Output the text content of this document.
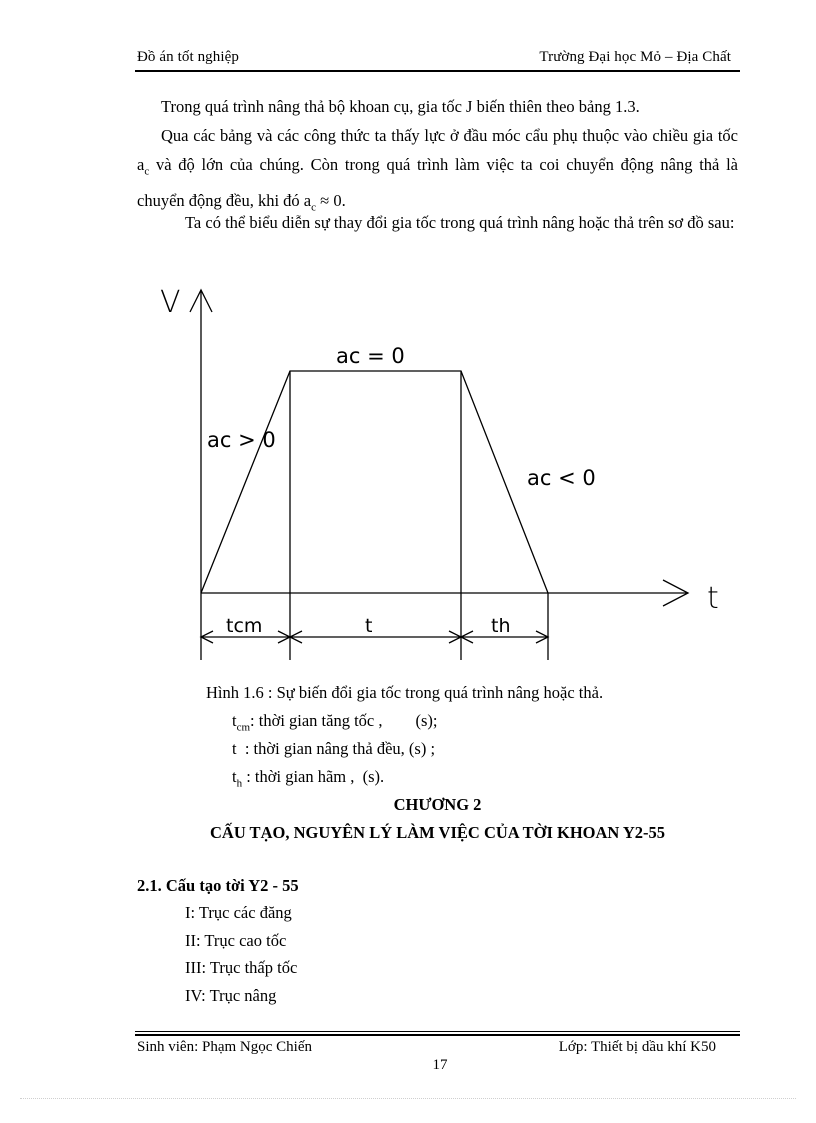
Đồ án tốt nghiệp	Trường Đại học Mỏ – Địa Chất
Trong quá trình nâng thả bộ khoan cụ, gia tốc J biến thiên theo bảng 1.3.
Qua các bảng và các công thức ta thấy lực ở đầu móc cẩu phụ thuộc vào chiều gia tốc $a_c$ và độ lớn của chúng. Còn trong quá trình làm việc ta coi chuyển động nâng thả là chuyển động đều, khi đó $a_c \approx 0$.
Ta có thể biểu diễn sự thay đổi gia tốc trong quá trình nâng hoặc thả trên sơ đồ sau:
V
t
ac = 0
ac > 0
ac < 0
tcm	t	th
Hình 1.6 : Sự biến đổi gia tốc trong quá trình nâng hoặc thả.
$t_{cm}$: thời gian tăng tốc ,        (s);
t  : thời gian nâng thả đều, (s) ;
$t_h$ : thời gian hãm ,  (s).
CHƯƠNG 2
CẤU TẠO, NGUYÊN LÝ LÀM VIỆC CỦA TỜI KHOAN Y2-55
2.1. Cấu tạo tời Y2 - 55
I: Trục các đăng
II: Trục cao tốc
III: Trục thấp tốc
IV: Trục nâng
Sinh viên: Phạm Ngọc Chiến	Lớp: Thiết bị dầu khí K50
17
